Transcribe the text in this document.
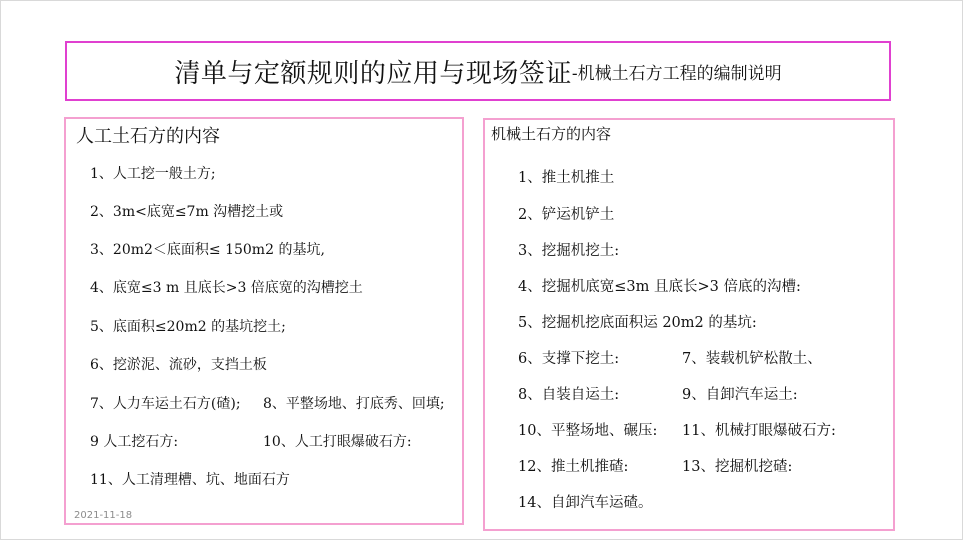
清单与定额规则的应用与现场签证 -机械土石方工程的编制说明
人工土石方的内容
1、人工挖一般土方;
2、3m<底宽≤7m 沟槽挖土或
3、20m2＜底面积≤ 150m2 的基坑,
4、底宽≤3 m 且底长>3 倍底宽的沟槽挖土
5、底面积≤20m2 的基坑挖土;
6、挖淤泥、流砂，支挡土板
7、人力车运土石方(碴); 8、平整场地、打底秀、回填;
9 人工挖石方:	10、人工打眼爆破石方:
11、人工清理槽、坑、地面石方
2021-11-18
机械土石方的内容
1、推土机推土
2、铲运机铲土
3、挖掘机挖土:
4、挖掘机底宽≤3m 且底长>3 倍底的沟槽:
5、挖掘机挖底面积运 20m2 的基坑:
6、支撑下挖土:	7、装载机铲松散土、
8、自装自运土:	9、自卸汽车运土:
10、平整场地、碾压: 11、机械打眼爆破石方:
12、推土机推碴:	13、挖掘机挖碴:
14、自卸汽车运碴。
